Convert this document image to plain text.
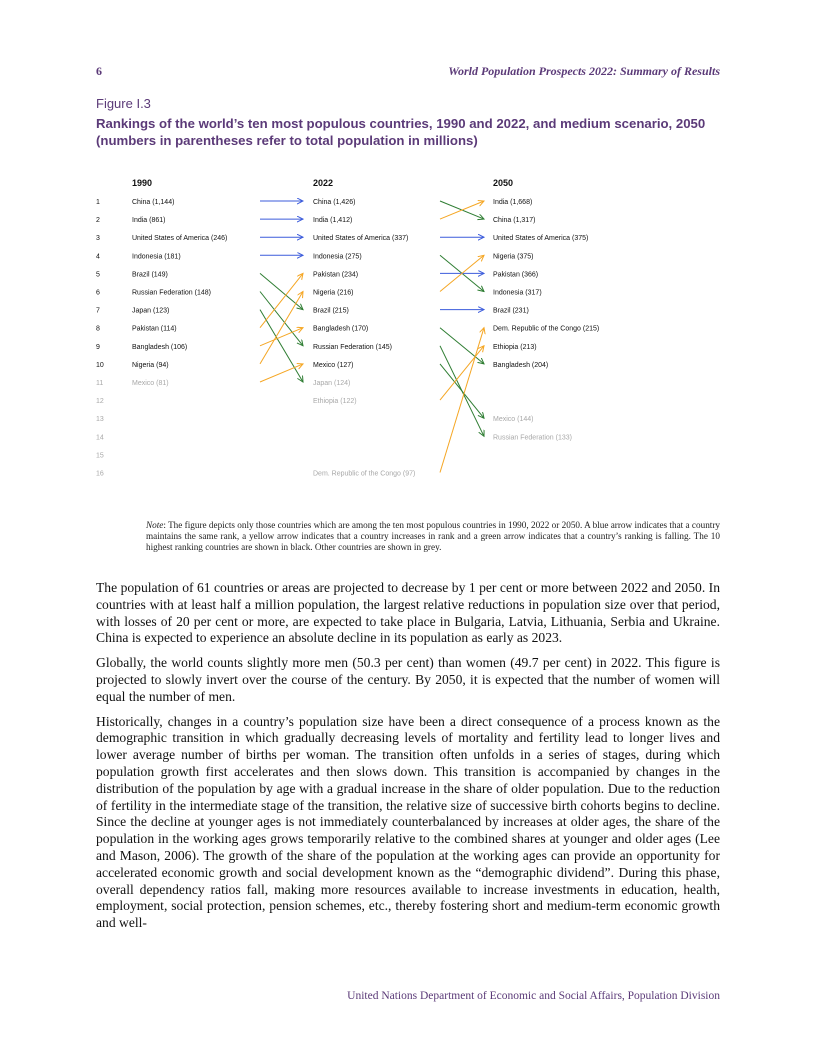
6	World Population Prospects 2022: Summary of Results
Figure I.3
Rankings of the world’s ten most populous countries, 1990 and 2022, and medium scenario, 2050 (numbers in parentheses refer to total population in millions)
1
2
3
4
5
6
7
8
9
10
11
12
13
14
15
16
1990
China (1,144)
India (861)
United States of America (246)
Indonesia (181)
Brazil (149)
Russian Federation (148)
Japan (123)
Pakistan (114)
Bangladesh (106)
Nigeria (94)
Mexico (81)
2022
China (1,426)
India (1,412)
United States of America (337)
Indonesia (275)
Pakistan (234)
Nigeria (216)
Brazil (215)
Bangladesh (170)
Russian Federation (145)
Mexico (127)
Japan (124)
Ethiopia (122)
Dem. Republic of the Congo (97)
2050
India (1,668)
China (1,317)
United States of America (375)
Nigeria (375)
Pakistan (366)
Indonesia (317)
Brazil (231)
Dem. Republic of the Congo (215)
Ethiopia (213)
Bangladesh (204)
Mexico (144)
Russian Federation (133)
Note: The figure depicts only those countries which are among the ten most populous countries in 1990, 2022 or 2050. A blue arrow indicates that a country maintains the same rank, a yellow arrow indicates that a country increases in rank and a green arrow indicates that a country’s ranking is falling. The 10 highest ranking countries are shown in black. Other countries are shown in grey.

The population of 61 countries or areas are projected to decrease by 1 per cent or more between 2022 and 2050. In countries with at least half a million population, the largest relative reductions in population size over that period, with losses of 20 per cent or more, are expected to take place in Bulgaria, Latvia, Lithuania, Serbia and Ukraine. China is expected to experience an absolute decline in its population as early as 2023.

Globally, the world counts slightly more men (50.3 per cent) than women (49.7 per cent) in 2022. This figure is projected to slowly invert over the course of the century. By 2050, it is expected that the number of women will equal the number of men.

Historically, changes in a country’s population size have been a direct consequence of a process known as the demographic transition in which gradually decreasing levels of mortality and fertility lead to longer lives and lower average number of births per woman. The transition often unfolds in a series of stages, during which population growth first accelerates and then slows down. This transition is accompanied by changes in the distribution of the population by age with a gradual increase in the share of older population. Due to the reduction of fertility in the intermediate stage of the transition, the relative size of successive birth cohorts begins to decline. Since the decline at younger ages is not immediately counterbalanced by increases at older ages, the share of the population in the working ages grows temporarily relative to the combined shares at younger and older ages (Lee and Mason, 2006). The growth of the share of the population at the working ages can provide an opportunity for accelerated economic growth and social development known as the “demographic dividend”. During this phase, overall dependency ratios fall, making more resources available to increase investments in education, health, employment, social protection, pension schemes, etc., thereby fostering short and medium-term economic growth and well-

United Nations Department of Economic and Social Affairs, Population Division
